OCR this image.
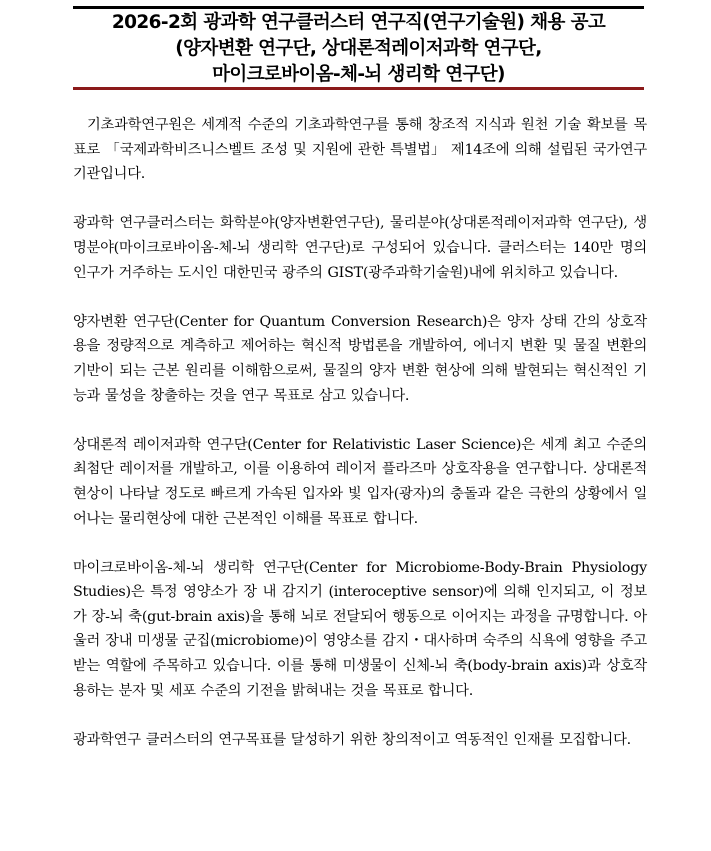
2026-2회 광과학 연구클러스터 연구직(연구기술원) 채용 공고
(양자변환 연구단, 상대론적레이저과학 연구단,
마이크로바이옴-체-뇌 생리학 연구단)

기초과학연구원은 세계적 수준의 기초과학연구를 통해 창조적 지식과 원천 기술 확보를 목표로 「국제과학비즈니스벨트 조성 및 지원에 관한 특별법」 제14조에 의해 설립된 국가연구기관입니다.

광과학 연구클러스터는 화학분야(양자변환연구단), 물리분야(상대론적레이저과학 연구단), 생명분야(마이크로바이옴-체-뇌 생리학 연구단)로 구성되어 있습니다. 클러스터는 140만 명의 인구가 거주하는 도시인 대한민국 광주의 GIST(광주과학기술원)내에 위치하고 있습니다.

양자변환 연구단(Center for Quantum Conversion Research)은 양자 상태 간의 상호작용을 정량적으로 계측하고 제어하는 혁신적 방법론을 개발하여, 에너지 변환 및 물질 변환의 기반이 되는 근본 원리를 이해함으로써, 물질의 양자 변환 현상에 의해 발현되는 혁신적인 기능과 물성을 창출하는 것을 연구 목표로 삼고 있습니다.

상대론적 레이저과학 연구단(Center for Relativistic Laser Science)은 세계 최고 수준의 최첨단 레이저를 개발하고, 이를 이용하여 레이저 플라즈마 상호작용을 연구합니다. 상대론적 현상이 나타날 정도로 빠르게 가속된 입자와 빛 입자(광자)의 충돌과 같은 극한의 상황에서 일어나는 물리현상에 대한 근본적인 이해를 목표로 합니다.

마이크로바이옴-체-뇌 생리학 연구단(Center for Microbiome-Body-Brain Physiology Studies)은 특정 영양소가 장 내 감지기 (interoceptive sensor)에 의해 인지되고, 이 정보가 장-뇌 축(gut-brain axis)을 통해 뇌로 전달되어 행동으로 이어지는 과정을 규명합니다. 아울러 장내 미생물 군집(microbiome)이 영양소를 감지・대사하며 숙주의 식욕에 영향을 주고받는 역할에 주목하고 있습니다. 이를 통해 미생물이 신체-뇌 축(body-brain axis)과 상호작용하는 분자 및 세포 수준의 기전을 밝혀내는 것을 목표로 합니다.

광과학연구 클러스터의 연구목표를 달성하기 위한 창의적이고 역동적인 인재를 모집합니다.
